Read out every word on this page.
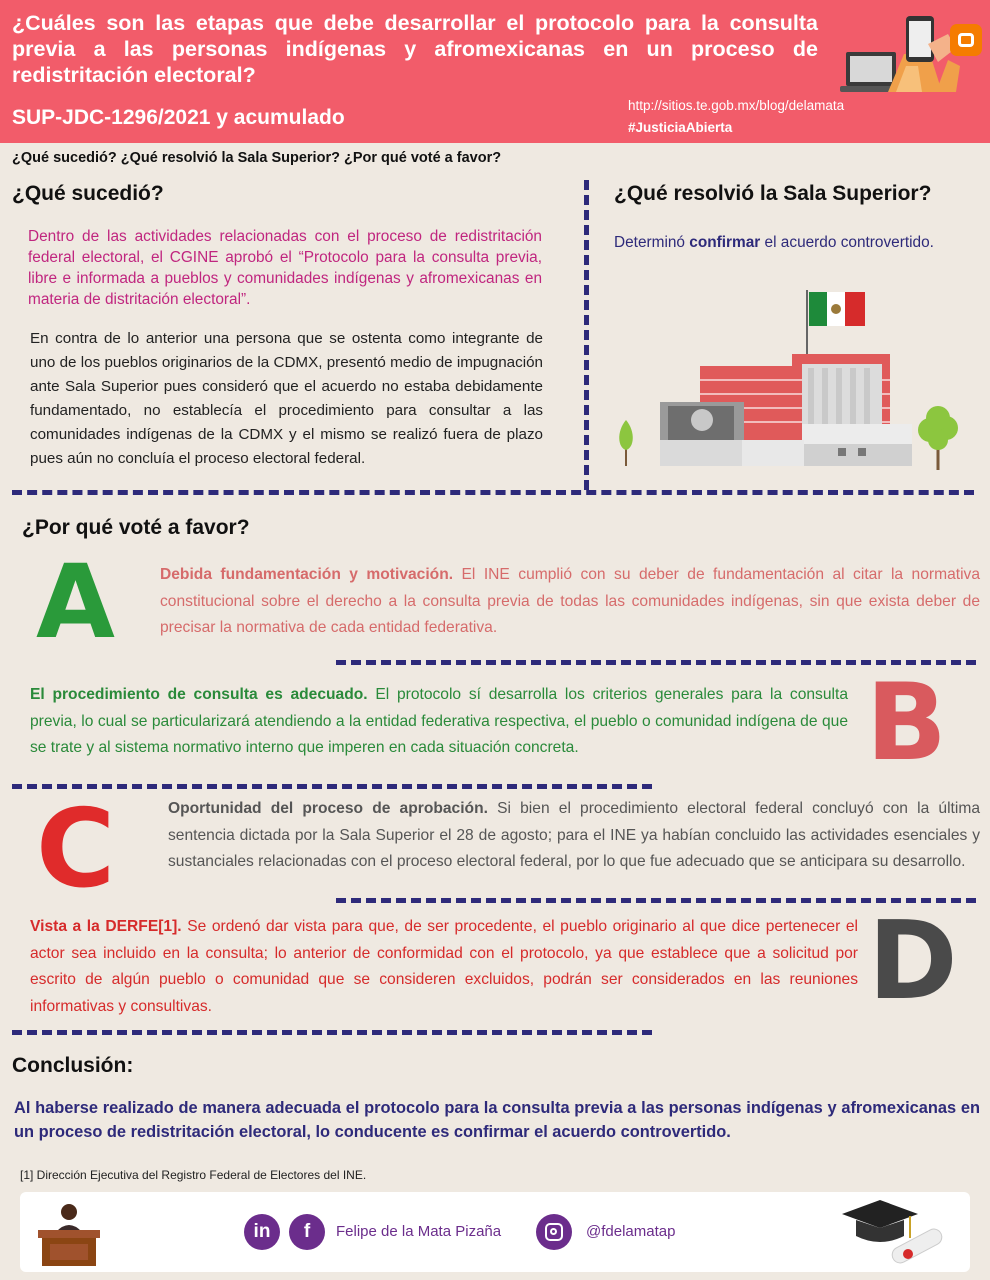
¿Cuáles son las etapas que debe desarrollar el protocolo para la consulta previa a las personas indígenas y afromexicanas en un proceso de redistritación electoral?
SUP-JDC-1296/2021 y acumulado
http://sitios.te.gob.mx/blog/delamata
#JusticiaAbierta
¿Qué sucedió? ¿Qué resolvió la Sala Superior? ¿Por qué voté a favor?
¿Qué sucedió?
Dentro de las actividades relacionadas con el proceso de redistritación federal electoral, el CGINE aprobó el “Protocolo para la consulta previa, libre e informada a pueblos y comunidades indígenas y afromexicanas en materia de distritación electoral”.
En contra de lo anterior una persona que se ostenta como integrante de uno de los pueblos originarios de la CDMX, presentó medio de impugnación ante Sala Superior pues consideró que el acuerdo no estaba debidamente fundamentado, no establecía el procedimiento para consultar a las comunidades indígenas de la CDMX y el mismo se realizó fuera de plazo pues aún no concluía el proceso electoral federal.
¿Qué resolvió la Sala Superior?
Determinó confirmar el acuerdo controvertido.
¿Por qué voté a favor?
A	Debida fundamentación y motivación. El INE cumplió con su deber de fundamentación al citar la normativa constitucional sobre el derecho a la consulta previa de todas las comunidades indígenas, sin que exista deber de precisar la normativa de cada entidad federativa.
El procedimiento de consulta es adecuado. El protocolo sí desarrolla los criterios generales para la consulta previa, lo cual se particularizará atendiendo a la entidad federativa respectiva, el pueblo o comunidad indígena de que se trate y al sistema normativo interno que imperen en cada situación concreta.	B
C	Oportunidad del proceso de aprobación. Si bien el procedimiento electoral federal concluyó con la última sentencia dictada por la Sala Superior el 28 de agosto; para el INE ya habían concluido las actividades esenciales y sustanciales relacionadas con el proceso electoral federal, por lo que fue adecuado que se anticipara su desarrollo.
Vista a la DERFE[1]. Se ordenó dar vista para que, de ser procedente, el pueblo originario al que dice pertenecer el actor sea incluido en la consulta; lo anterior de conformidad con el protocolo, ya que establece que a solicitud por escrito de algún pueblo o comunidad que se consideren excluidos, podrán ser considerados en las reuniones informativas y consultivas.	D
Conclusión:
Al haberse realizado de manera adecuada el protocolo para la consulta previa a las personas indígenas y afromexicanas en un proceso de redistritación electoral, lo conducente es confirmar el acuerdo controvertido.
[1] Dirección Ejecutiva del Registro Federal de Electores del INE.
in	f	Felipe de la Mata Pizaña	@fdelamatap
